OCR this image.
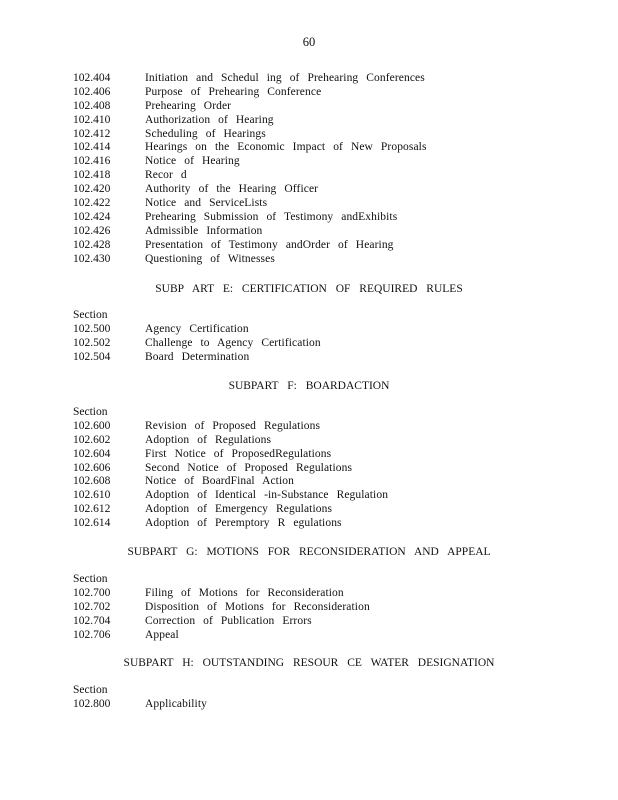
60
102.404	Initiation and Schedul ing of Prehearing Conferences
102.406	Purpose of Prehearing Conference
102.408	Prehearing Order
102.410	Authorization of Hearing
102.412	Scheduling of Hearings
102.414	Hearings on the Economic Impact of New Proposals
102.416	Notice of Hearing
102.418	Recor d
102.420	Authority of the Hearing Officer
102.422	Notice and ServiceLists
102.424	Prehearing Submission of Testimony andExhibits
102.426	Admissible Information
102.428	Presentation of Testimony andOrder of Hearing
102.430	Questioning of Witnesses
SUBP ART E: CERTIFICATION OF REQUIRED RULES
Section
102.500	Agency Certification
102.502	Challenge to Agency Certification
102.504	Board Determination
SUBPART F: BOARDACTION
Section
102.600	Revision of Proposed Regulations
102.602	Adoption of Regulations
102.604	First Notice of ProposedRegulations
102.606	Second Notice of Proposed Regulations
102.608	Notice of BoardFinal Action
102.610	Adoption of Identical -in-Substance Regulation
102.612	Adoption of Emergency Regulations
102.614	Adoption of Peremptory R egulations
SUBPART G: MOTIONS FOR RECONSIDERATION AND APPEAL
Section
102.700	Filing of Motions for Reconsideration
102.702	Disposition of Motions for Reconsideration
102.704	Correction of Publication Errors
102.706	Appeal
SUBPART H: OUTSTANDING RESOUR CE WATER DESIGNATION
Section
102.800	Applicability
